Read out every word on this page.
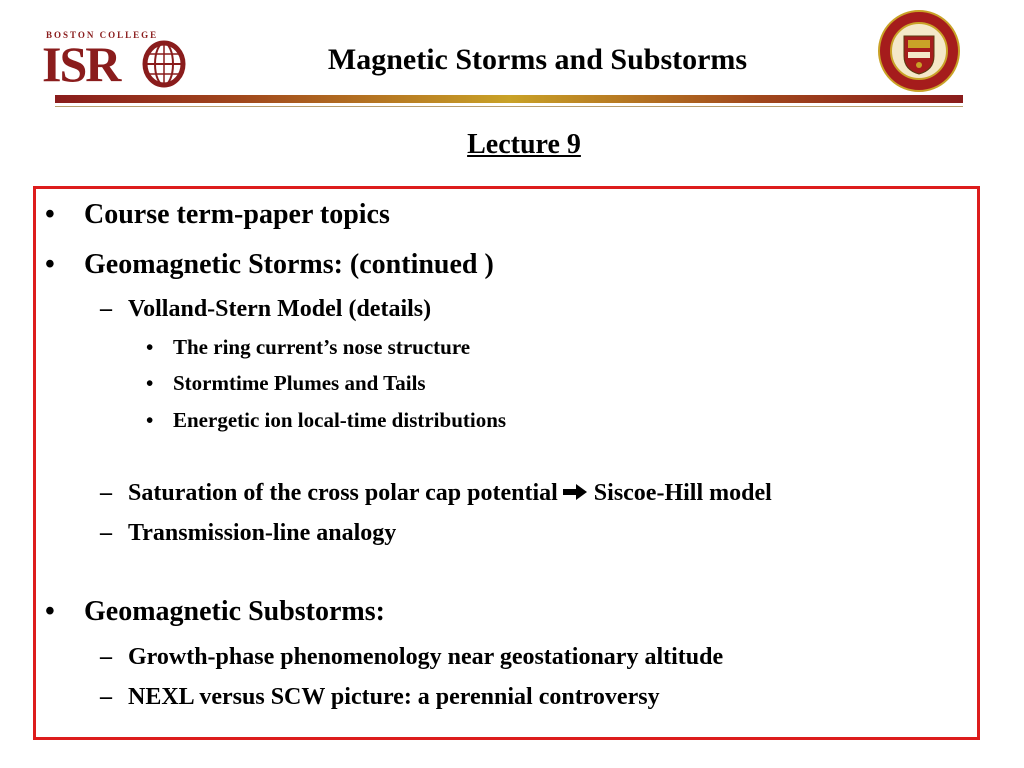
BOSTON COLLEGE
ISR	Magnetic Storms and Substorms
Lecture 9
• Course term-paper topics
• Geomagnetic Storms: (continued )
– Volland-Stern Model (details)
• The ring current’s nose structure
• Stormtime Plumes and Tails
• Energetic ion local-time distributions
– Saturation of the cross polar cap potential Siscoe-Hill model
– Transmission-line analogy
• Geomagnetic Substorms:
– Growth-phase phenomenology near geostationary altitude
– NEXL versus SCW picture: a perennial controversy
